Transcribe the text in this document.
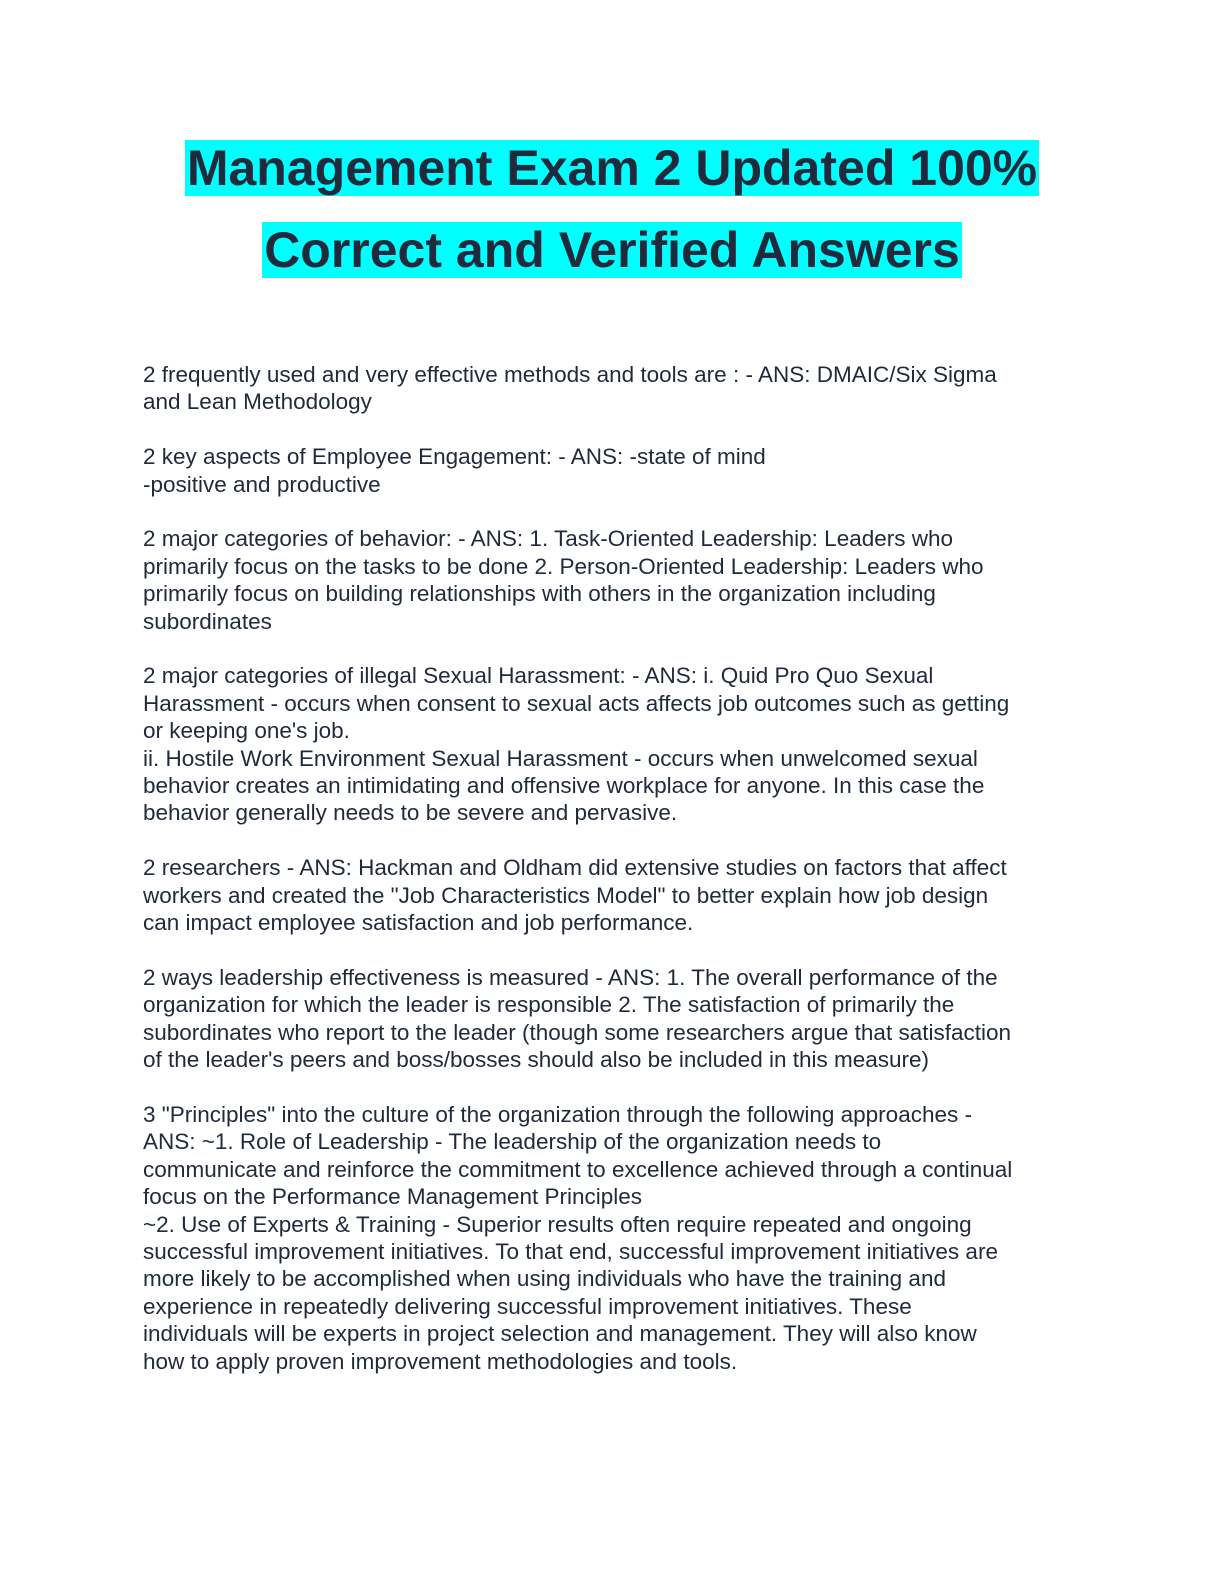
Management Exam 2 Updated 100%
Correct and Verified Answers

2 frequently used and very effective methods and tools are : - ANS: DMAIC/Six Sigma
and Lean Methodology

2 key aspects of Employee Engagement: - ANS: -state of mind
-positive and productive

2 major categories of behavior: - ANS: 1. Task-Oriented Leadership: Leaders who
primarily focus on the tasks to be done 2. Person-Oriented Leadership: Leaders who
primarily focus on building relationships with others in the organization including
subordinates

2 major categories of illegal Sexual Harassment: - ANS: i. Quid Pro Quo Sexual
Harassment - occurs when consent to sexual acts affects job outcomes such as getting
or keeping one's job.
ii. Hostile Work Environment Sexual Harassment - occurs when unwelcomed sexual
behavior creates an intimidating and offensive workplace for anyone. In this case the
behavior generally needs to be severe and pervasive.

2 researchers - ANS: Hackman and Oldham did extensive studies on factors that affect
workers and created the "Job Characteristics Model" to better explain how job design
can impact employee satisfaction and job performance.

2 ways leadership effectiveness is measured - ANS: 1. The overall performance of the
organization for which the leader is responsible 2. The satisfaction of primarily the
subordinates who report to the leader (though some researchers argue that satisfaction
of the leader's peers and boss/bosses should also be included in this measure)

3 "Principles" into the culture of the organization through the following approaches -
ANS: ~1. Role of Leadership - The leadership of the organization needs to
communicate and reinforce the commitment to excellence achieved through a continual
focus on the Performance Management Principles
~2. Use of Experts & Training - Superior results often require repeated and ongoing
successful improvement initiatives. To that end, successful improvement initiatives are
more likely to be accomplished when using individuals who have the training and
experience in repeatedly delivering successful improvement initiatives. These
individuals will be experts in project selection and management. They will also know
how to apply proven improvement methodologies and tools.
